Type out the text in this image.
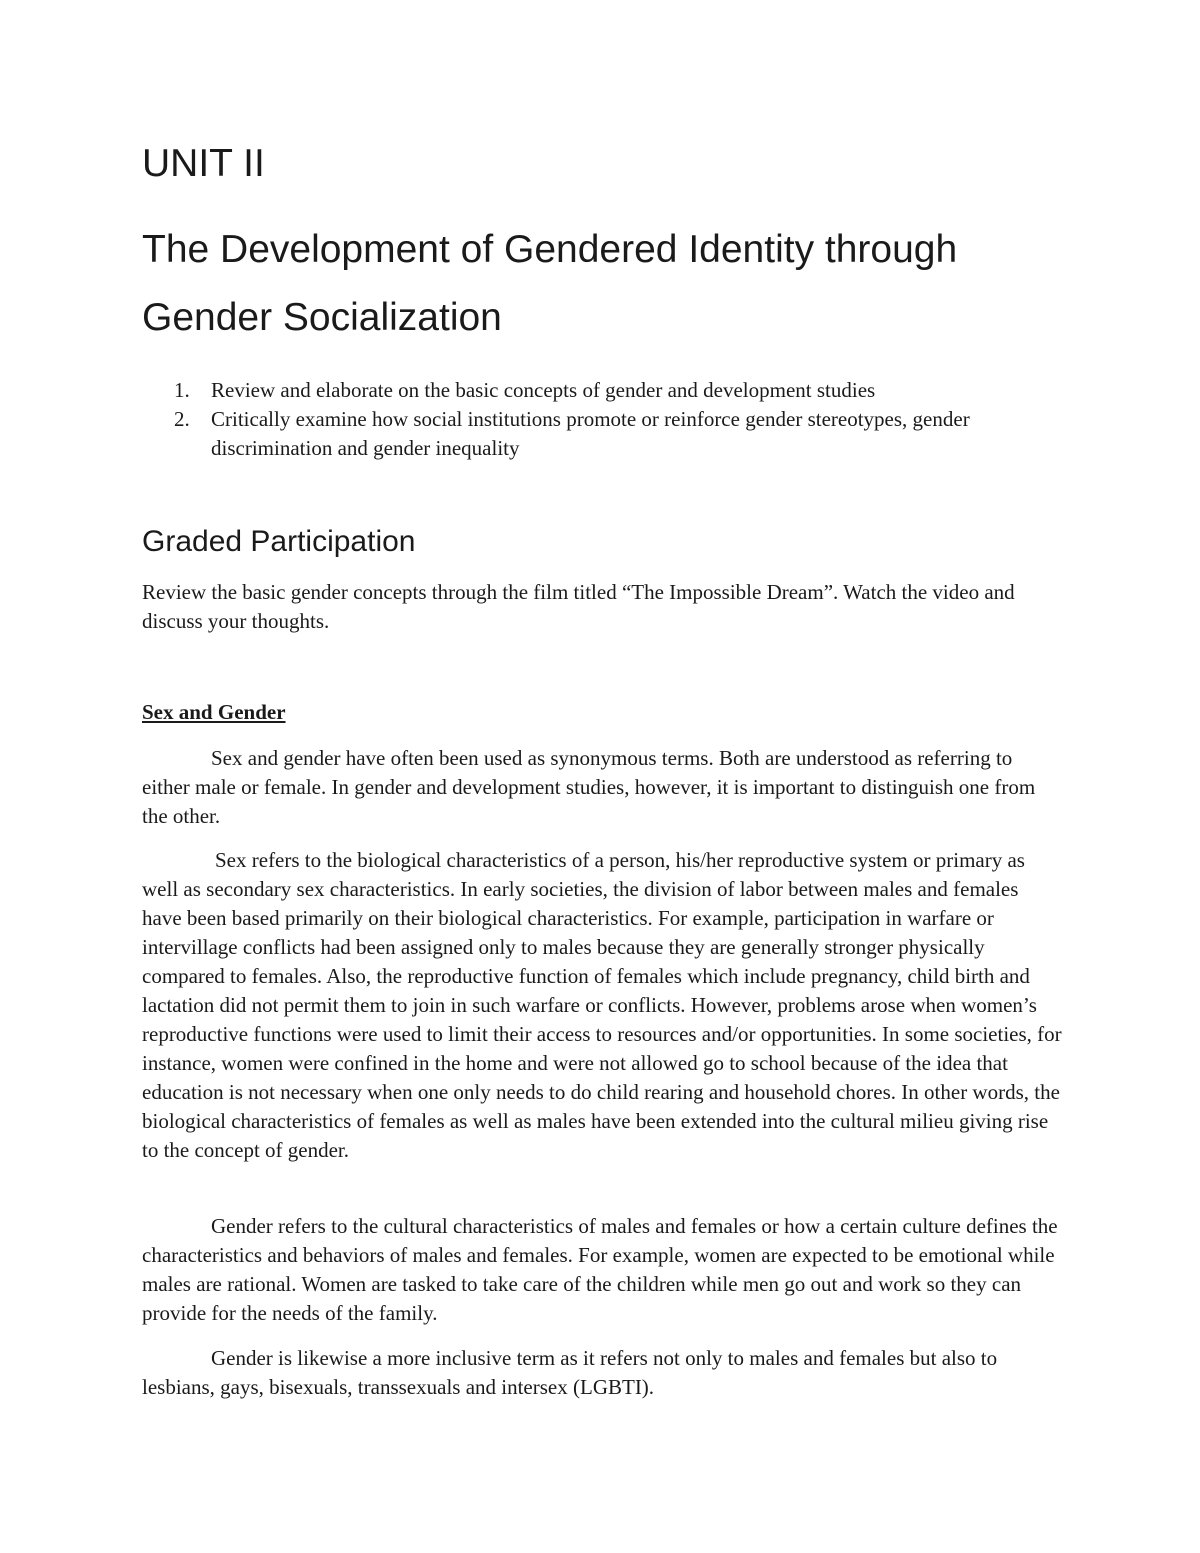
UNIT II
The Development of Gendered Identity through
Gender Socialization
1. Review and elaborate on the basic concepts of gender and development studies
2. Critically examine how social institutions promote or reinforce gender stereotypes, gender discrimination and gender inequality
Graded Participation

Review the basic gender concepts through the film titled “The Impossible Dream”. Watch the video and discuss your thoughts.

Sex and Gender

Sex and gender have often been used as synonymous terms. Both are understood as referring to either male or female. In gender and development studies, however, it is important to distinguish one from the other.

Sex refers to the biological characteristics of a person, his/her reproductive system or primary as well as secondary sex characteristics. In early societies, the division of labor between males and females have been based primarily on their biological characteristics. For example, participation in warfare or intervillage conflicts had been assigned only to males because they are generally stronger physically compared to females. Also, the reproductive function of females which include pregnancy, child birth and lactation did not permit them to join in such warfare or conflicts. However, problems arose when women’s reproductive functions were used to limit their access to resources and/or opportunities. In some societies, for instance, women were confined in the home and were not allowed go to school because of the idea that education is not necessary when one only needs to do child rearing and household chores. In other words, the biological characteristics of females as well as males have been extended into the cultural milieu giving rise to the concept of gender.

Gender refers to the cultural characteristics of males and females or how a certain culture defines the characteristics and behaviors of males and females. For example, women are expected to be emotional while males are rational. Women are tasked to take care of the children while men go out and work so they can provide for the needs of the family.

Gender is likewise a more inclusive term as it refers not only to males and females but also to lesbians, gays, bisexuals, transsexuals and intersex (LGBTI).
